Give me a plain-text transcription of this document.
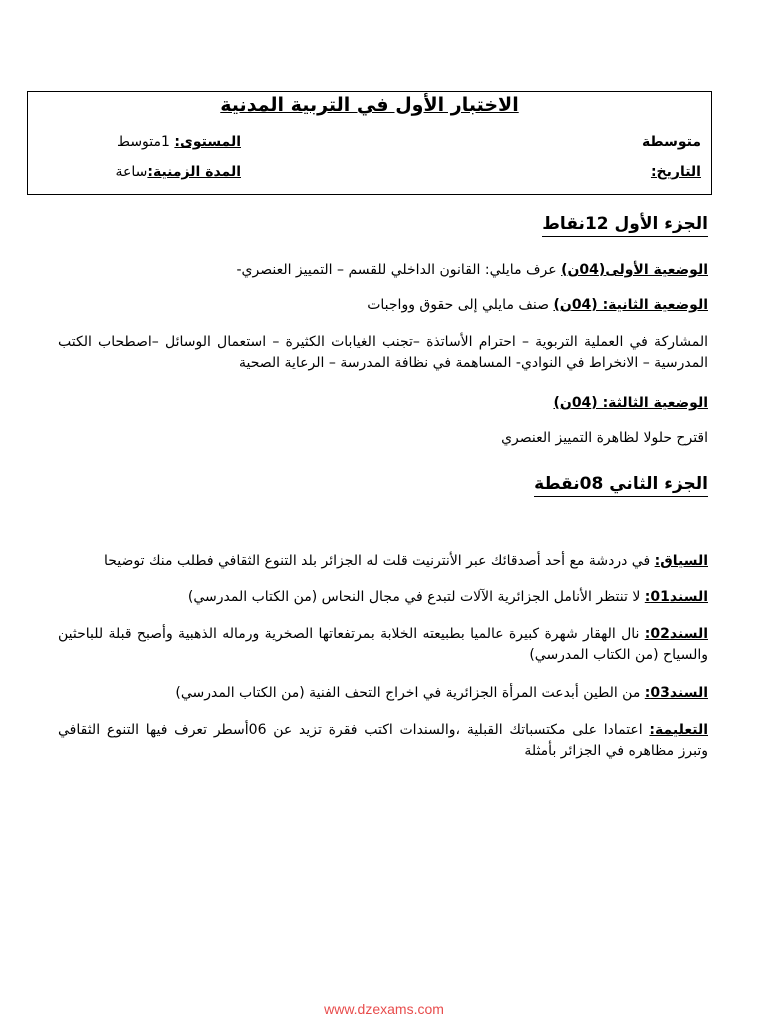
الاختبار الأول في التربية المدنية
متوسطة
المستوى: 1متوسط
التاريخ:
المدة الزمنية:ساعة
الجزء الأول 12نقاط
الوضعية الأولى(04ن) عرف مايلي: القانون الداخلي للقسم – التمييز العنصري-
الوضعية الثانية: (04ن) صنف مايلي إلى حقوق وواجبات
المشاركة في العملية التربوية – احترام الأساتذة –تجنب الغيابات الكثيرة – استعمال الوسائل –اصطحاب الكتب المدرسية – الانخراط في النوادي- المساهمة في نظافة المدرسة – الرعاية الصحية
الوضعية الثالثة: (04ن)
اقترح حلولا لظاهرة التمييز العنصري
الجزء الثاني 08نقطة
السياق: في دردشة مع أحد أصدقائك عبر الأنترنيت قلت له الجزائر بلد التنوع الثقافي فطلب منك توضيحا
السند01: لا تنتظر الأنامل الجزائرية الآلات لتبدع في مجال النحاس (من الكتاب المدرسي)
السند02: نال الهقار شهرة كبيرة عالميا بطبيعته الخلابة بمرتفعاتها الصخرية ورماله الذهبية وأصبح قبلة للباحثين والسياح (من الكتاب المدرسي)
السند03: من الطين أبدعت المرأة الجزائرية في اخراج التحف الفنية (من الكتاب المدرسي)
التعليمة: اعتمادا على مكتسباتك القبلية ،والسندات اكتب فقرة تزيد عن 06أسطر تعرف فيها التنوع الثقافي وتبرز مظاهره في الجزائر بأمثلة
www.dzexams.com
